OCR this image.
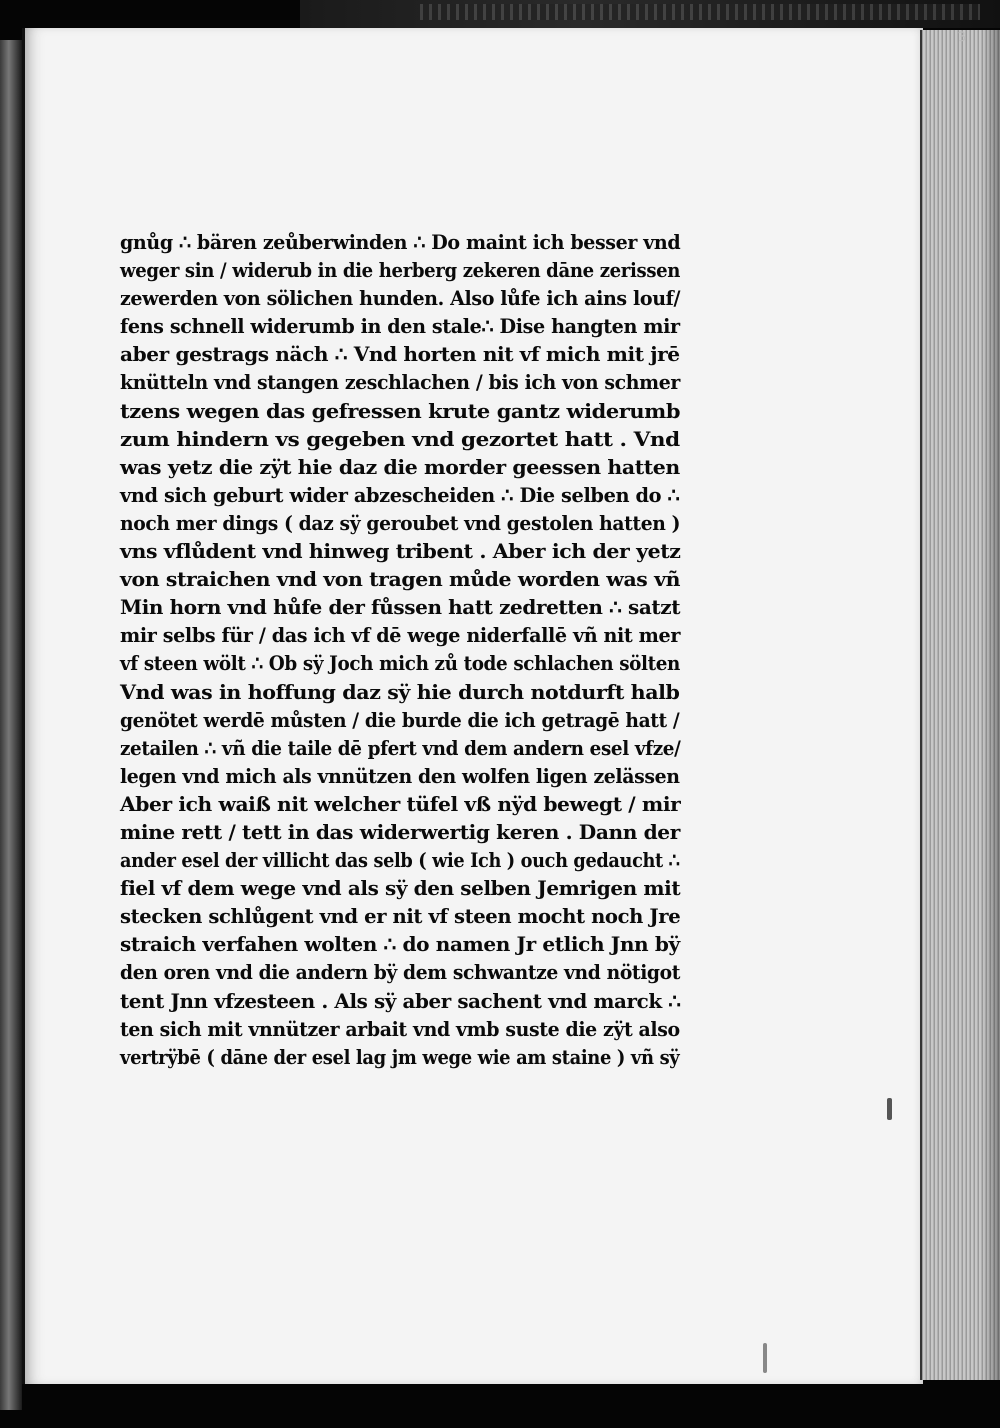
3
gnůg ∴ bären zeůberwinden ∴ Do maint ich besser vnd
weger sin / widerub in die herberg zekeren dāne zerissen
zewerden von sölichen hunden. Also lůfe ich ains louf/
fens schnell widerumb in den stale∴ Dise hangten mir
aber gestrags näch ∴ Vnd horten nit vf mich mit jrē
knütteln vnd stangen zeschlachen / bis ich von schmer
tzens wegen das gefressen krute gantz widerumb
zum hindern vs gegeben vnd gezortet hatt . Vnd
was yetz die zÿt hie daz die morder geessen hatten
vnd sich geburt wider abzescheiden ∴ Die selben do ∴
noch mer dings ( daz sÿ geroubet vnd gestolen hatten )
vns vflůdent vnd hinweg tribent . Aber ich der yetz
von straichen vnd von tragen můde worden was vñ
Min horn vnd hůfe der fůssen hatt zedretten ∴ satzt
mir selbs für / das ich vf dē wege niderfallē vñ nit mer
vf steen wölt ∴ Ob sÿ Joch mich zů tode schlachen sölten
Vnd was in hoffung daz sÿ hie durch notdurft halb
genötet werdē můsten / die burde die ich getragē hatt /
zetailen ∴ vñ die taile dē pfert vnd dem andern esel vfze/
legen vnd mich als vnnützen den wolfen ligen zelässen
Aber ich waiß nit welcher tüfel vß nÿd bewegt / mir
mine rett / tett in das widerwertig keren . Dann der
ander esel der villicht das selb ( wie Ich ) ouch gedaucht ∴
fiel vf dem wege vnd als sÿ den selben Jemrigen mit
stecken schlůgent vnd er nit vf steen mocht noch Jre
straich verfahen wolten ∴ do namen Jr etlich Jnn bÿ
den oren vnd die andern bÿ dem schwantze vnd nötigot
tent Jnn vfzesteen . Als sÿ aber sachent vnd marck ∴
ten sich mit vnnützer arbait vnd vmb suste die zÿt also
vertrÿbē ( dāne der esel lag jm wege wie am staine ) vñ sÿ
